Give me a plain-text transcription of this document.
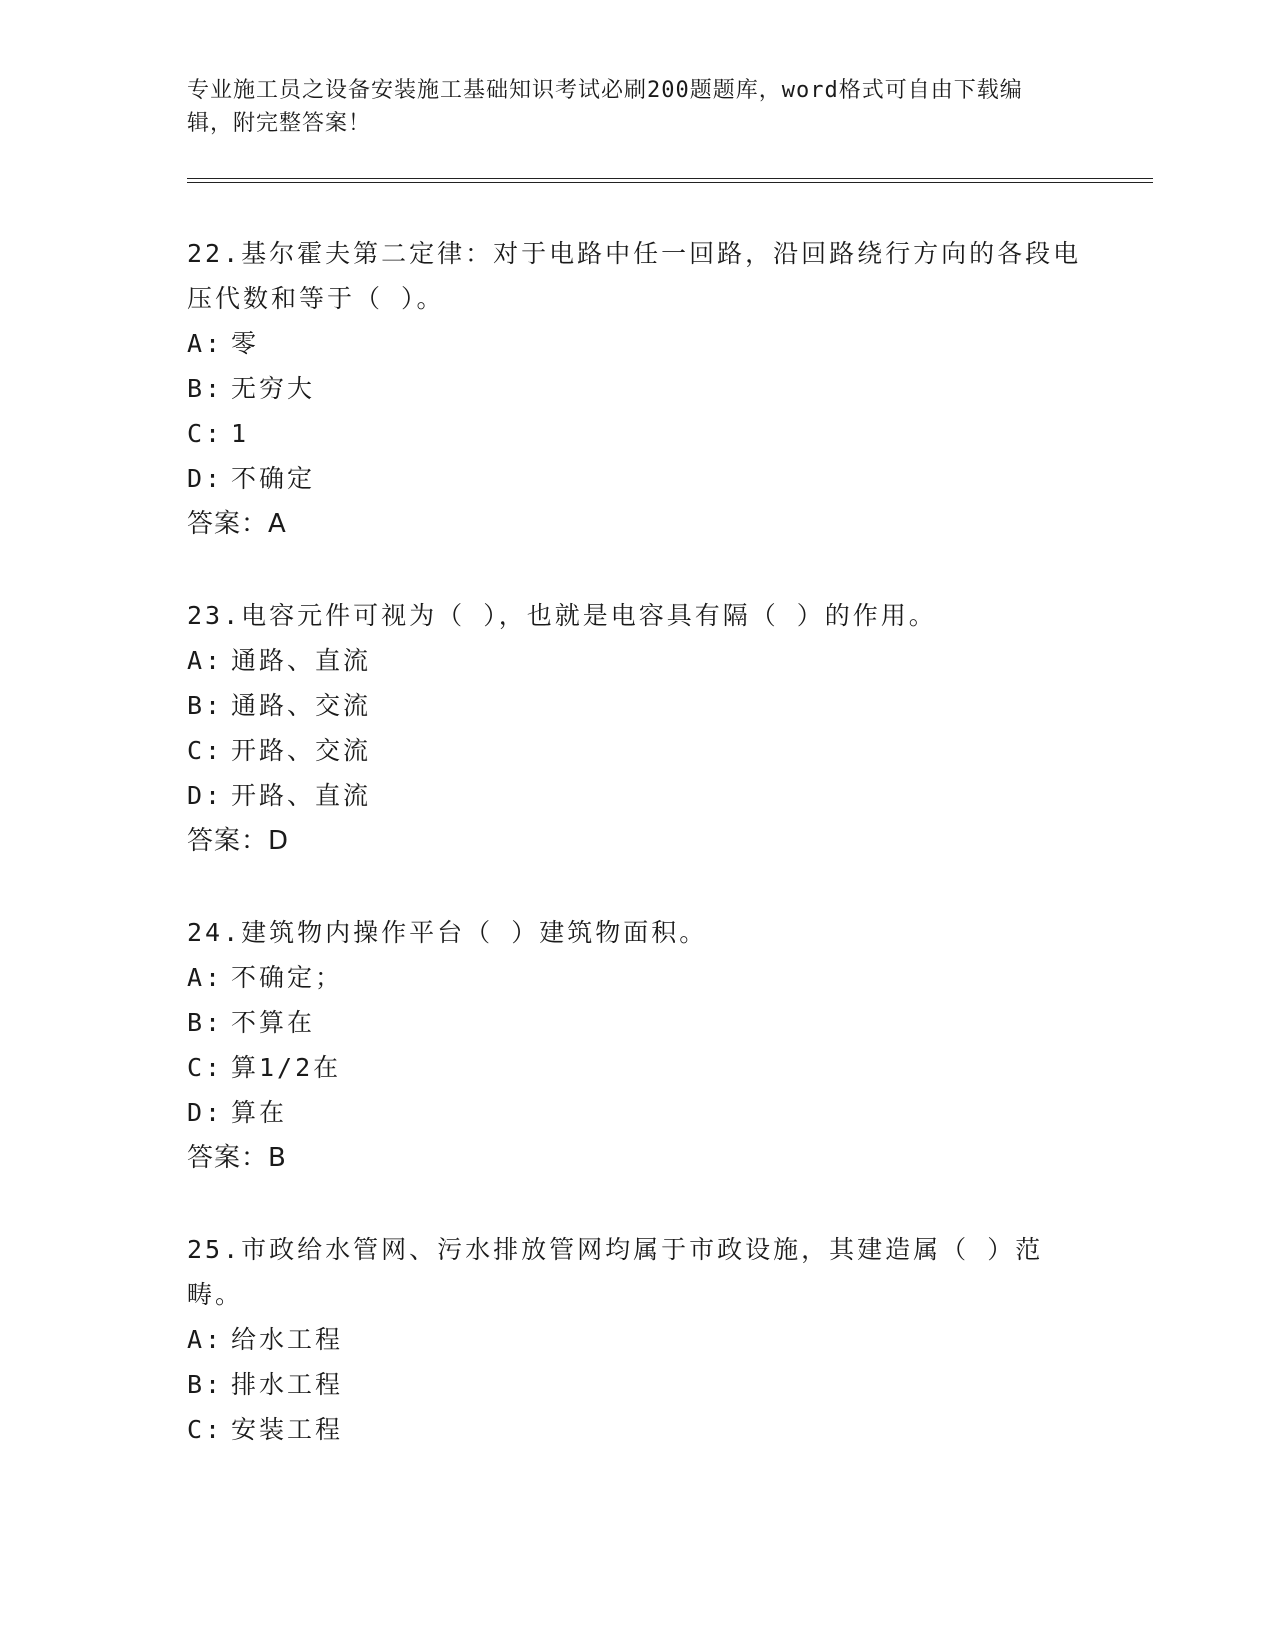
专业施工员之设备安装施工基础知识考试必刷200题题库，word格式可自由下载编辑，附完整答案！
22.基尔霍夫第二定律：对于电路中任一回路，沿回路绕行方向的各段电压代数和等于（ ）。
A: 零
B: 无穷大
C: 1
D: 不确定
答案：A
23.电容元件可视为（ ），也就是电容具有隔（ ）的作用。
A: 通路、直流
B: 通路、交流
C: 开路、交流
D: 开路、直流
答案：D
24.建筑物内操作平台（ ）建筑物面积。
A: 不确定；
B: 不算在
C: 算1/2在
D: 算在
答案：B
25.市政给水管网、污水排放管网均属于市政设施，其建造属（ ）范畴。
A: 给水工程
B: 排水工程
C: 安装工程
